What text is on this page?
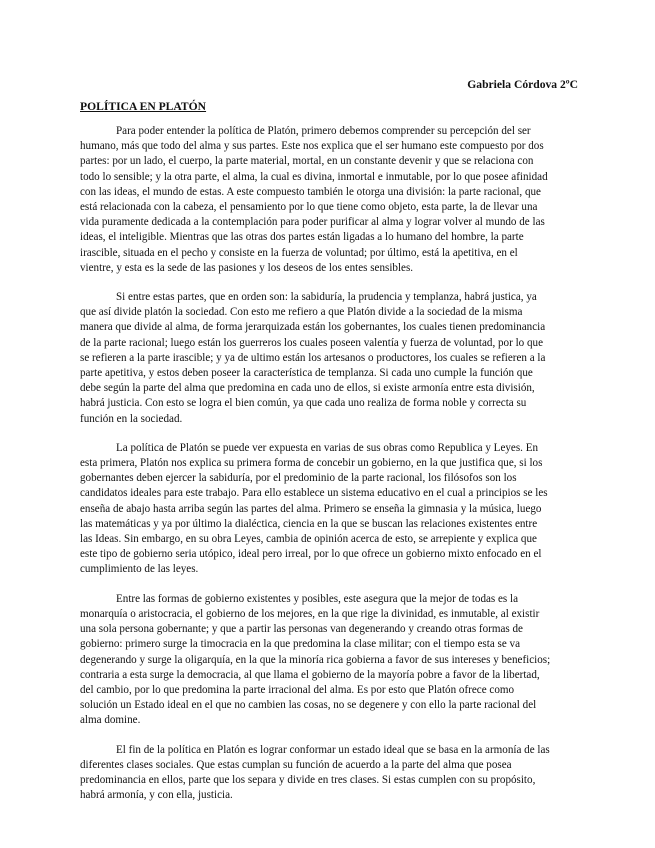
Gabriela Córdova 2ºC
POLÍTICA EN PLATÓN

Para poder entender la política de Platón, primero debemos comprender su percepción del ser
humano, más que todo del alma y sus partes. Este nos explica que el ser humano este compuesto por dos
partes: por un lado, el cuerpo, la parte material, mortal, en un constante devenir y que se relaciona con
todo lo sensible; y la otra parte, el alma, la cual es divina, inmortal e inmutable, por lo que posee afinidad
con las ideas, el mundo de estas. A este compuesto también le otorga una división: la parte racional, que
está relacionada con la cabeza, el pensamiento por lo que tiene como objeto, esta parte, la de llevar una
vida puramente dedicada a la contemplación para poder purificar al alma y lograr volver al mundo de las
ideas, el inteligible. Mientras que las otras dos partes están ligadas a lo humano del hombre, la parte
irascible, situada en el pecho y consiste en la fuerza de voluntad; por último, está la apetitiva, en el
vientre, y esta es la sede de las pasiones y los deseos de los entes sensibles.

Si entre estas partes, que en orden son: la sabiduría, la prudencia y templanza, habrá justica, ya
que así divide platón la sociedad. Con esto me refiero a que Platón divide a la sociedad de la misma
manera que divide al alma, de forma jerarquizada están los gobernantes, los cuales tienen predominancia
de la parte racional; luego están los guerreros los cuales poseen valentía y fuerza de voluntad, por lo que
se refieren a la parte irascible; y ya de ultimo están los artesanos o productores, los cuales se refieren a la
parte apetitiva, y estos deben poseer la característica de templanza. Si cada uno cumple la función que
debe según la parte del alma que predomina en cada uno de ellos, si existe armonía entre esta división,
habrá justicia. Con esto se logra el bien común, ya que cada uno realiza de forma noble y correcta su
función en la sociedad.

La política de Platón se puede ver expuesta en varias de sus obras como Republica y Leyes. En
esta primera, Platón nos explica su primera forma de concebir un gobierno, en la que justifica que, si los
gobernantes deben ejercer la sabiduría, por el predominio de la parte racional, los filósofos son los
candidatos ideales para este trabajo. Para ello establece un sistema educativo en el cual a principios se les
enseña de abajo hasta arriba según las partes del alma. Primero se enseña la gimnasia y la música, luego
las matemáticas y ya por último la dialéctica, ciencia en la que se buscan las relaciones existentes entre
las Ideas. Sin embargo, en su obra Leyes, cambia de opinión acerca de esto, se arrepiente y explica que
este tipo de gobierno seria utópico, ideal pero irreal, por lo que ofrece un gobierno mixto enfocado en el
cumplimiento de las leyes.

Entre las formas de gobierno existentes y posibles, este asegura que la mejor de todas es la
monarquía o aristocracia, el gobierno de los mejores, en la que rige la divinidad, es inmutable, al existir
una sola persona gobernante; y que a partir las personas van degenerando y creando otras formas de
gobierno: primero surge la timocracia en la que predomina la clase militar; con el tiempo esta se va
degenerando y surge la oligarquía, en la que la minoría rica gobierna a favor de sus intereses y beneficios;
contraria a esta surge la democracia, al que llama el gobierno de la mayoría pobre a favor de la libertad,
del cambio, por lo que predomina la parte irracional del alma. Es por esto que Platón ofrece como
solución un Estado ideal en el que no cambien las cosas, no se degenere y con ello la parte racional del
alma domine.

El fin de la política en Platón es lograr conformar un estado ideal que se basa en la armonía de las
diferentes clases sociales. Que estas cumplan su función de acuerdo a la parte del alma que posea
predominancia en ellos, parte que los separa y divide en tres clases. Si estas cumplen con su propósito,
habrá armonía, y con ella, justicia.
